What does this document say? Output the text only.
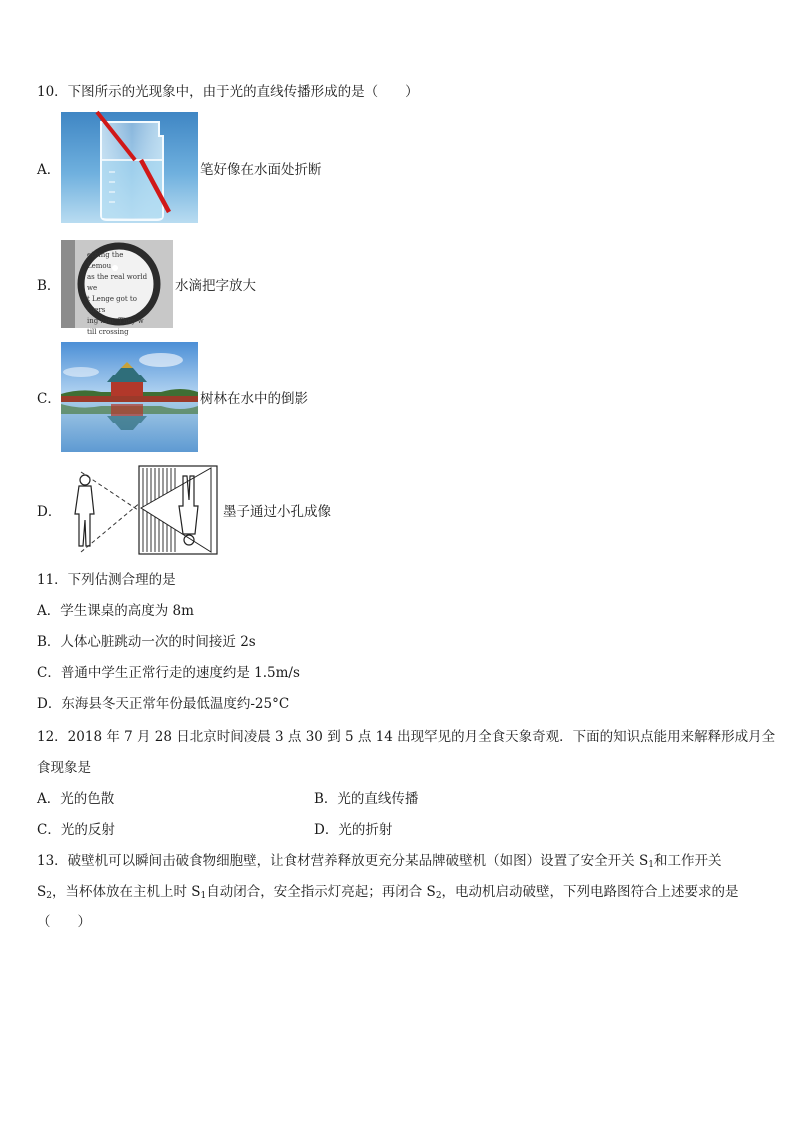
10．下图所示的光现象中，由于光的直线传播形成的是（　　）
A．	笔好像在水面处折断
B．
ething the
Lemou
as the real world we
t Lenge got to thers
ing him. They w
till crossing
水滴把字放大
C．	树林在水中的倒影
D．	墨子通过小孔成像
11．下列估测合理的是
A．学生课桌的高度为 8m
B．人体心脏跳动一次的时间接近 2s
C．普通中学生正常行走的速度约是 1.5m/s
D．东海县冬天正常年份最低温度约-25°C
12．2018 年 7 月 28 日北京时间凌晨 3 点 30 到 5 点 14 出现罕见的月全食天象奇观．下面的知识点能用来解释形成月全
食现象是
A．光的色散	B．光的直线传播
C．光的反射	D．光的折射
13．破壁机可以瞬间击破食物细胞壁，让食材营养释放更充分某品牌破壁机（如图）设置了安全开关 $S_1$和工作开关
$S_2$，当杯体放在主机上时 $S_1$自动闭合，安全指示灯亮起；再闭合 $S_2$，电动机启动破壁，下列电路图符合上述要求的是
（　　）
